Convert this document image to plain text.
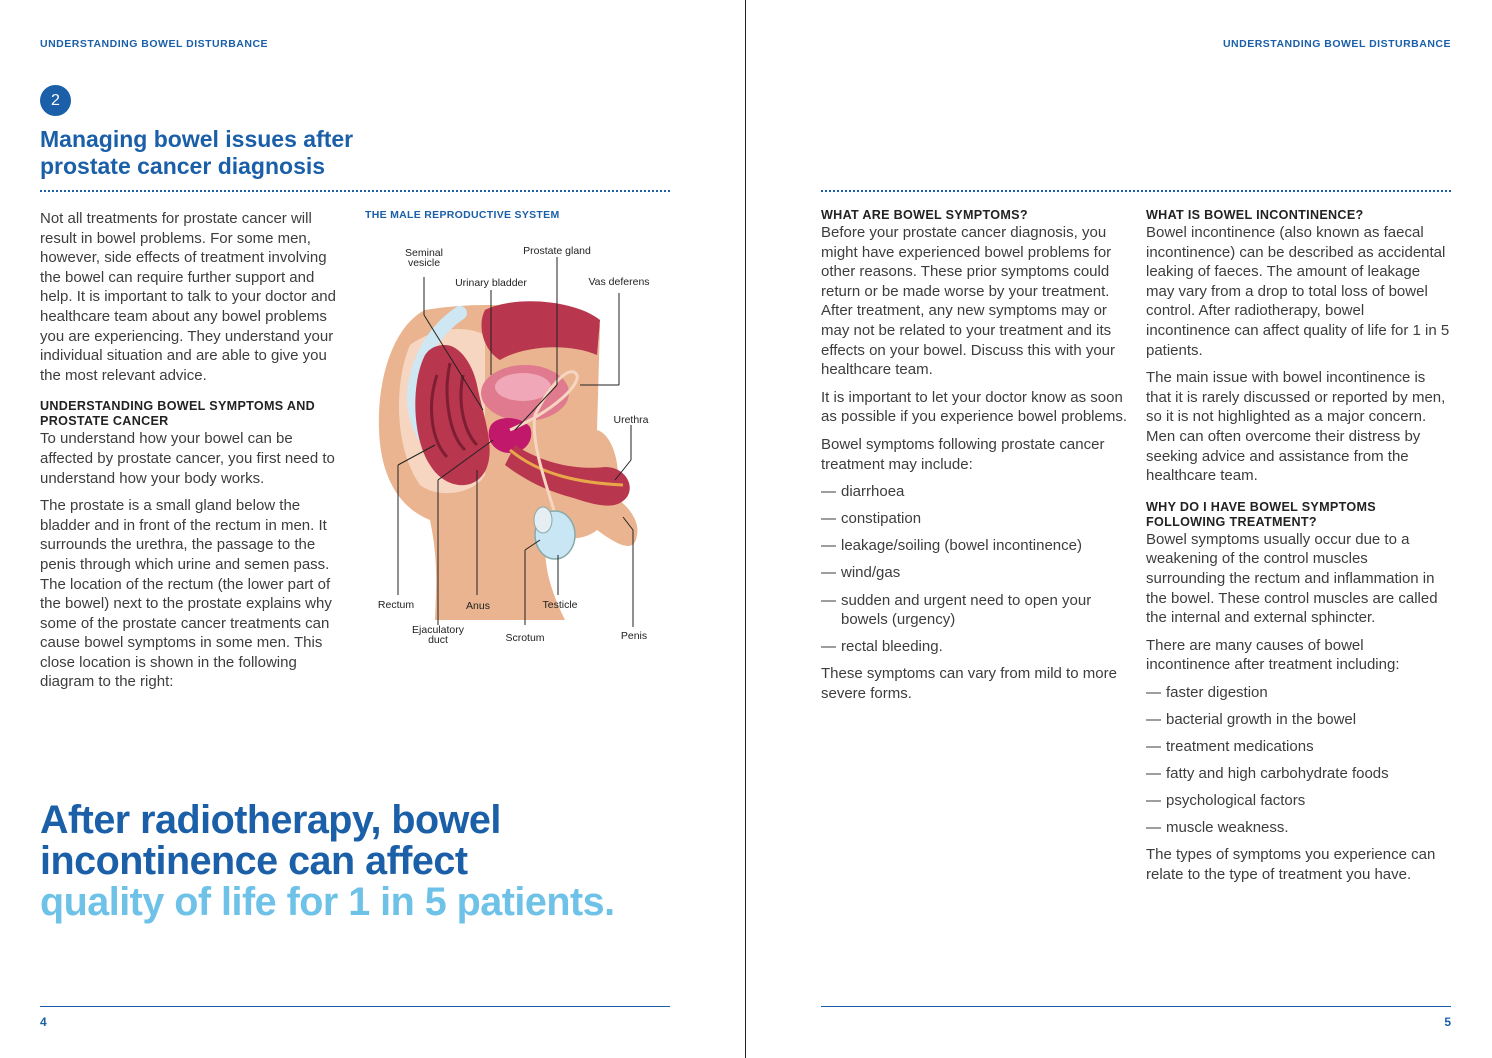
UNDERSTANDING BOWEL DISTURBANCE
2
Managing bowel issues after prostate cancer diagnosis

Not all treatments for prostate cancer will result in bowel problems. For some men, however, side effects of treatment involving the bowel can require further support and help. It is important to talk to your doctor and healthcare team about any bowel problems you are experiencing. They understand your individual situation and are able to give you the most relevant advice.

UNDERSTANDING BOWEL SYMPTOMS AND PROSTATE CANCER

To understand how your bowel can be affected by prostate cancer, you first need to understand how your body works.

The prostate is a small gland below the bladder and in front of the rectum in men. It surrounds the urethra, the passage to the penis through which urine and semen pass. The location of the rectum (the lower part of the bowel) next to the prostate explains why some of the prostate cancer treatments can cause bowel symptoms in some men. This close location is shown in the following diagram to the right:

THE MALE REPRODUCTIVE SYSTEM
Seminal
vesicle
Prostate gland
Urinary bladder	Vas deferens
Urethra
Rectum	Anus	Testicle
Ejaculatory
duct	Scrotum	Penis
After radiotherapy, bowel
incontinence can affect
quality of life for 1 in 5 patients.
4
UNDERSTANDING BOWEL DISTURBANCE
WHAT ARE BOWEL SYMPTOMS?

Before your prostate cancer diagnosis, you might have experienced bowel problems for other reasons. These prior symptoms could return or be made worse by your treatment. After treatment, any new symptoms may or may not be related to your treatment and its effects on your bowel. Discuss this with your healthcare team.

It is important to let your doctor know as soon as possible if you experience bowel problems.

Bowel symptoms following prostate cancer treatment may include:

— diarrhoea
— constipation
— leakage/soiling (bowel incontinence)
— wind/gas
— sudden and urgent need to open your bowels (urgency)
— rectal bleeding.

These symptoms can vary from mild to more severe forms.

WHAT IS BOWEL INCONTINENCE?

Bowel incontinence (also known as faecal incontinence) can be described as accidental leaking of faeces. The amount of leakage may vary from a drop to total loss of bowel control. After radiotherapy, bowel incontinence can affect quality of life for 1 in 5 patients.

The main issue with bowel incontinence is that it is rarely discussed or reported by men, so it is not highlighted as a major concern. Men can often overcome their distress by seeking advice and assistance from the healthcare team.

WHY DO I HAVE BOWEL SYMPTOMS FOLLOWING TREATMENT?

Bowel symptoms usually occur due to a weakening of the control muscles surrounding the rectum and inflammation in the bowel. These control muscles are called the internal and external sphincter.

There are many causes of bowel incontinence after treatment including:

— faster digestion
— bacterial growth in the bowel
— treatment medications
— fatty and high carbohydrate foods
— psychological factors
— muscle weakness.

The types of symptoms you experience can relate to the type of treatment you have.

5
